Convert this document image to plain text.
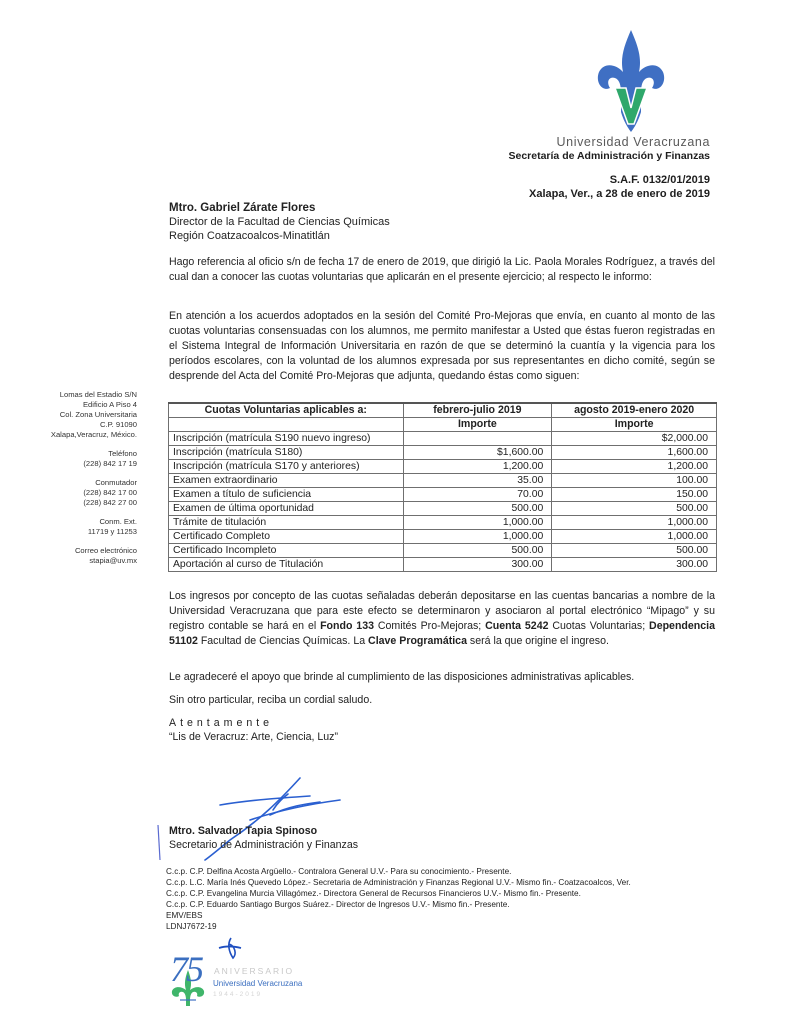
Universidad Veracruzana
Secretaría de Administración y Finanzas
S.A.F. 0132/01/2019
Xalapa, Ver., a 28 de enero de 2019
Mtro. Gabriel Zárate Flores
Director de la Facultad de Ciencias Químicas
Región Coatzacoalcos-Minatitlán
Hago referencia al oficio s/n de fecha 17 de enero de 2019, que dirigió la Lic. Paola Morales Rodríguez, a través del cual dan a conocer las cuotas voluntarias que aplicarán en el presente ejercicio; al respecto le informo:
En atención a los acuerdos adoptados en la sesión del Comité Pro-Mejoras que envía, en cuanto al monto de las cuotas voluntarias consensuadas con los alumnos, me permito manifestar a Usted que éstas fueron registradas en el Sistema Integral de Información Universitaria en razón de que se determinó la cuantía y la vigencia para los períodos escolares, con la voluntad de los alumnos expresada por sus representantes en dicho comité, según se desprende del Acta del Comité Pro-Mejoras que adjunta, quedando éstas como siguen:
Lomas del Estadio S/N
Edificio A Piso 4
Col. Zona Universitaria
C.P. 91090
Xalapa,Veracruz, México.
Teléfono
(228) 842 17 19
Conmutador
(228) 842 17 00
(228) 842 27 00
Conm. Ext.
11719 y 11253
Correo electrónico
stapia@uv.mx
Cuotas Voluntarias aplicables a:	febrero-julio 2019	agosto 2019-enero 2020
	Importe	Importe
Inscripción (matrícula S190 nuevo ingreso)		$2,000.00
Inscripción (matrícula S180)	$1,600.00	1,600.00
Inscripción (matrícula S170 y anteriores)	1,200.00	1,200.00
Examen extraordinario	35.00	100.00
Examen a título de suficiencia	70.00	150.00
Examen de última oportunidad	500.00	500.00
Trámite de titulación	1,000.00	1,000.00
Certificado Completo	1,000.00	1,000.00
Certificado Incompleto	500.00	500.00
Aportación al curso de Titulación	300.00	300.00
Los ingresos por concepto de las cuotas señaladas deberán depositarse en las cuentas bancarias a nombre de la Universidad Veracruzana que para este efecto se determinaron y asociaron al portal electrónico “Mipago” y su registro contable se hará en el Fondo 133 Comités Pro-Mejoras; Cuenta 5242 Cuotas Voluntarias; Dependencia 51102 Facultad de Ciencias Químicas. La Clave Programática será la que origine el ingreso.
Le agradeceré el apoyo que brinde al cumplimiento de las disposiciones administrativas aplicables.
Sin otro particular, reciba un cordial saludo.
Atentamente
“Lis de Veracruz: Arte, Ciencia, Luz”
Mtro. Salvador Tapia Spinoso
Secretario de Administración y Finanzas
C.c.p. C.P. Delfina Acosta Argüello.- Contralora General U.V.- Para su conocimiento.- Presente.
C.c.p. L.C. María Inés Quevedo López.- Secretaria de Administración y Finanzas Regional U.V.- Mismo fin.- Coatzacoalcos, Ver.
C.c.p. C.P. Evangelina Murcia Villagómez.- Directora General de Recursos Financieros U.V.- Mismo fin.- Presente.
C.c.p. C.P. Eduardo Santiago Burgos Suárez.- Director de Ingresos U.V.- Mismo fin.- Presente.
EMV/EBS
LDNJ7672-19
75 ANIVERSARIO
Universidad Veracruzana
1944-2019
